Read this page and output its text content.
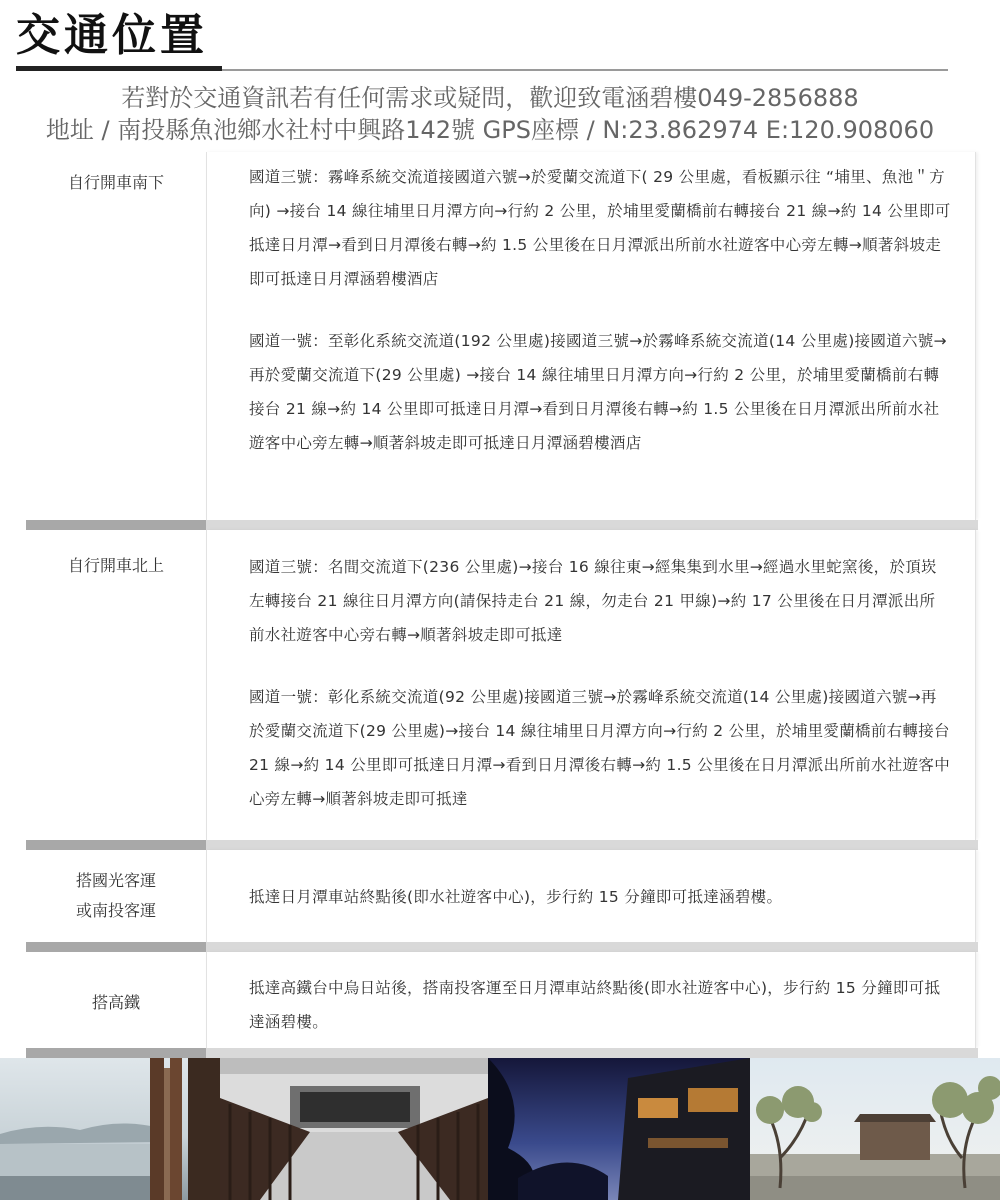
交通位置
若對於交通資訊若有任何需求或疑問，歡迎致電涵碧樓049-2856888
地址 / 南投縣魚池鄉水社村中興路142號 GPS座標 / N:23.862974 E:120.908060
自行開車南下	國道三號：霧峰系統交流道接國道六號→於愛蘭交流道下( 29 公里處，看板顯示往 “埔里、魚池＂方向) →接台 14 線往埔里日月潭方向→行約 2 公里，於埔里愛蘭橋前右轉接台 21 線→約 14 公里即可抵達日月潭→看到日月潭後右轉→約 1.5 公里後在日月潭派出所前水社遊客中心旁左轉→順著斜坡走即可抵達日月潭涵碧樓酒店

國道一號：至彰化系統交流道(192 公里處)接國道三號→於霧峰系統交流道(14 公里處)接國道六號→再於愛蘭交流道下(29 公里處) →接台 14 線往埔里日月潭方向→行約 2 公里，於埔里愛蘭橋前右轉接台 21 線→約 14 公里即可抵達日月潭→看到日月潭後右轉→約 1.5 公里後在日月潭派出所前水社遊客中心旁左轉→順著斜坡走即可抵達日月潭涵碧樓酒店

自行開車北上	國道三號：名間交流道下(236 公里處)→接台 16 線往東→經集集到水里→經過水里蛇窯後，於頂崁左轉接台 21 線往日月潭方向(請保持走台 21 線，勿走台 21 甲線)→約 17 公里後在日月潭派出所前水社遊客中心旁右轉→順著斜坡走即可抵達

國道一號：彰化系統交流道(92 公里處)接國道三號→於霧峰系統交流道(14 公里處)接國道六號→再於愛蘭交流道下(29 公里處)→接台 14 線往埔里日月潭方向→行約 2 公里，於埔里愛蘭橋前右轉接台 21 線→約 14 公里即可抵達日月潭→看到日月潭後右轉→約 1.5 公里後在日月潭派出所前水社遊客中心旁左轉→順著斜坡走即可抵達

搭國光客運
或南投客運

抵達日月潭車站終點後(即水社遊客中心)，步行約 15 分鐘即可抵達涵碧樓。

搭高鐵

抵達高鐵台中烏日站後，搭南投客運至日月潭車站終點後(即水社遊客中心)，步行約 15 分鐘即可抵達涵碧樓。
